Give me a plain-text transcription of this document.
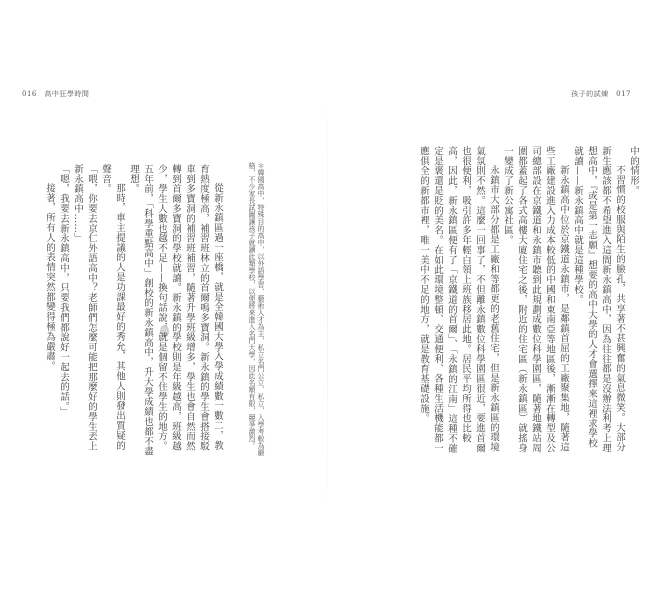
016　高中狂學時間	孩子的試煉　017

中的情形。

不習慣的校服與陌生的臉孔，共享著不甚興奮的氣息微笑。大部分新生應該都不希望進入這間新永鎮高中，因為往往都是沒辦法利考上理想高中，『或是第一志願』想要的高中大學的人才會選擇來這裡求學校就讀——新永鎮高中就是這種學校。

新永鎮高中位於京鐵道永鎮市，是鄰鎮首屈的工廠聚集地，隨著這些工廠建設進入力成本較低的中國和東南亞等地區後，漸漸在轉型及公司總部設在京鐵道和永鎮市聽到此規劃成數位科學園區，隨著地鐵站周圍都蓋起了各式高樓大廈住宅之後，附近的住宅區（新永鎮區）就搖身一變成了新公寓社區。

永鎮市大部分都是工廠和等都更的老舊住宅，但是新永鎮區的環境氣氛則不然。這麼一回事了，不但離永鎮數位科學園區很近，要進首爾也很便利，吸引許多年輕白領上班族移居此地。居民平均所得也比較高，因此，新永鎮區便有了「京鐵道的首爾」、「永鎮的江南」這種不確定是褒還是貶的美名。在如此環境整頓、交通便利、各種生活機能都一應俱全的新都市裡，唯一美中不足的地方，就是教育基礎設施。

＊韓國高中，特殊目的高中，以外語學習、藝術人才為主，私立名門公立、私立，入學考較為嚴格，不少家長試圖讓孩子就讀此類學校，以便將來進入名門大學，因此名額有限，競爭激烈。

從新永鎮區過一座橋，就是全韓國大學入學成績數一數二，教育熱度極高，補習班林立的首爾鳴多寶洞。新永鎮的學生會搭接駁車到多寶洞的補習班補習，隨著升學班級增多，學生也會自然而然轉到首爾多寶洞的學校就讀。新永鎮的學校則是年級越高，班級越少，學生人數也越不足——換句話說，就是個留不住學生的地方。五年前，「科學重點高中」創校的新永鎮高中，升大學成績也都不盡理想。

那時，車主提議的人是功課最好的秀允，其他人則發出質疑的聲音。

「喂，你要去京仁外語高中？老師們怎麼可能把那麼好的學生丟上新永鎮高中……」

「嗯，我要去新永鎮高中，只要我們都說好一起去的話。」

接著，所有人的表情突然都變得極為嚴肅。
